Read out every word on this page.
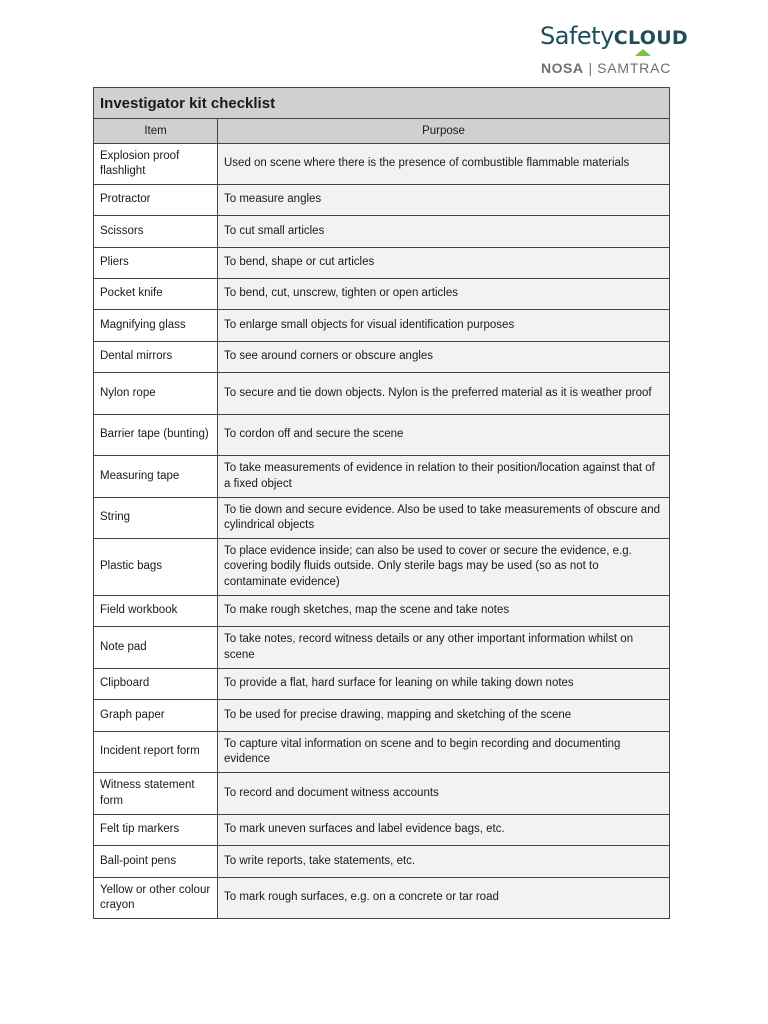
SafetyCLOUD
NOSA | SAMTRAC
Investigator kit checklist	
Item	Purpose
Explosion proof flashlight	Used on scene where there is the presence of combustible flammable materials
Protractor	To measure angles
Scissors	To cut small articles
Pliers	To bend, shape or cut articles
Pocket knife	To bend, cut, unscrew, tighten or open articles
Magnifying glass	To enlarge small objects for visual identification purposes
Dental mirrors	To see around corners or obscure angles
Nylon rope	To secure and tie down objects. Nylon is the preferred material as it is weather proof
Barrier tape (bunting)	To cordon off and secure the scene
Measuring tape	To take measurements of evidence in relation to their position/location against that of a fixed object
String	To tie down and secure evidence. Also be used to take measurements of obscure and cylindrical objects
Plastic bags	To place evidence inside; can also be used to cover or secure the evidence, e.g. covering bodily fluids outside. Only sterile bags may be used (so as not to contaminate evidence)
Field workbook	To make rough sketches, map the scene and take notes
Note pad	To take notes, record witness details or any other important information whilst on scene
Clipboard	To provide a flat, hard surface for leaning on while taking down notes
Graph paper	To be used for precise drawing, mapping and sketching of the scene
Incident report form	To capture vital information on scene and to begin recording and documenting evidence
Witness statement form	To record and document witness accounts
Felt tip markers	To mark uneven surfaces and label evidence bags, etc.
Ball-point pens	To write reports, take statements, etc.
Yellow or other colour crayon	To mark rough surfaces, e.g. on a concrete or tar road
